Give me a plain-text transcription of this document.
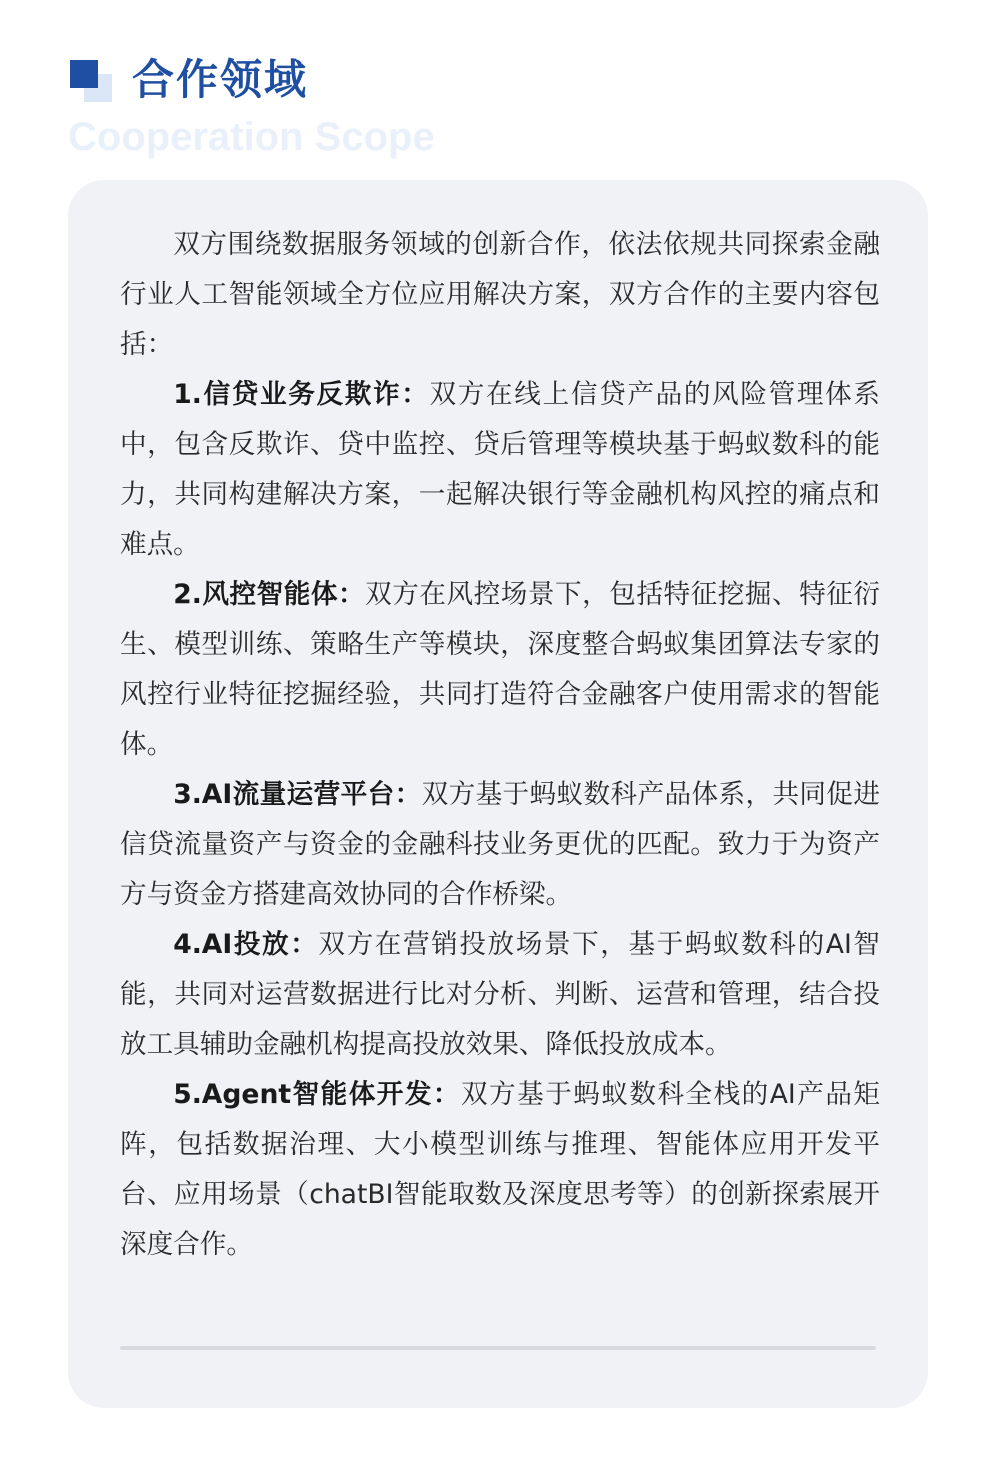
合作领域
Cooperation Scope

双方围绕数据服务领域的创新合作，依法依规共同探索金融行业人工智能领域全方位应用解决方案，双方合作的主要内容包括：

1.信贷业务反欺诈：双方在线上信贷产品的风险管理体系中，包含反欺诈、贷中监控、贷后管理等模块基于蚂蚁数科的能力，共同构建解决方案，一起解决银行等金融机构风控的痛点和难点。

2.风控智能体：双方在风控场景下，包括特征挖掘、特征衍生、模型训练、策略生产等模块，深度整合蚂蚁集团算法专家的风控行业特征挖掘经验，共同打造符合金融客户使用需求的智能体。

3.AI流量运营平台：双方基于蚂蚁数科产品体系，共同促进信贷流量资产与资金的金融科技业务更优的匹配。致力于为资产方与资金方搭建高效协同的合作桥梁。

4.AI投放：双方在营销投放场景下，基于蚂蚁数科的AI智能，共同对运营数据进行比对分析、判断、运营和管理，结合投放工具辅助金融机构提高投放效果、降低投放成本。

5.Agent智能体开发：双方基于蚂蚁数科全栈的AI产品矩阵，包括数据治理、大小模型训练与推理、智能体应用开发平台、应用场景（chatBI智能取数及深度思考等）的创新探索展开深度合作。
